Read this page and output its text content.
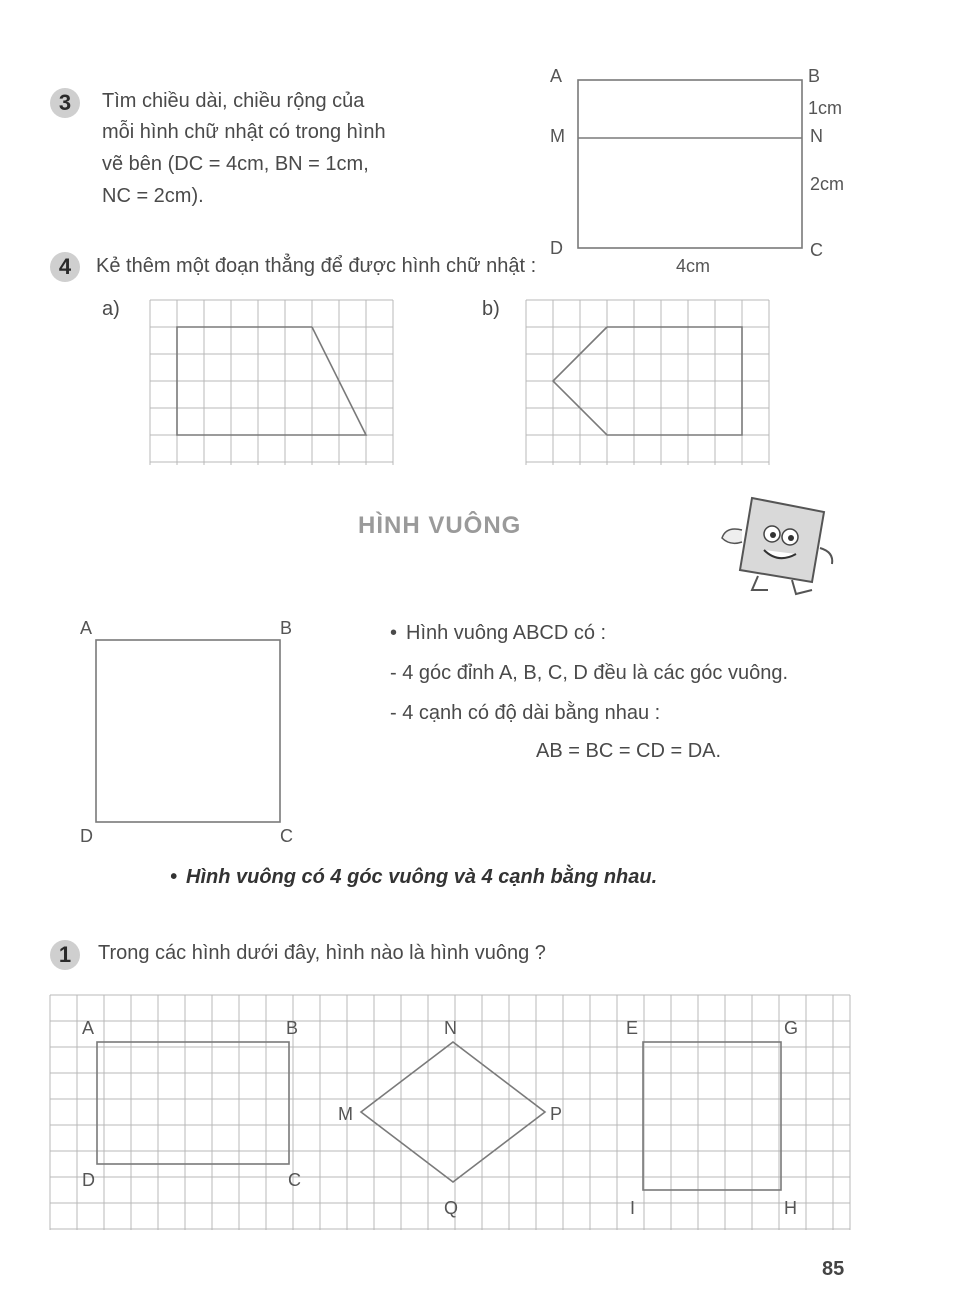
3	Tìm chiều dài, chiều rộng của
mỗi hình chữ nhật có trong hình
vẽ bên (DC = 4cm, BN = 1cm,
NC = 2cm).
A	B
M	N
D	C
1cm
2cm
4cm
4	Kẻ thêm một đoạn thẳng để được hình chữ nhật :
a)	b)
HÌNH VUÔNG
A	B
D	C
• Hình vuông ABCD có :
- 4 góc đỉnh A, B, C, D đều là các góc vuông.
- 4 cạnh có độ dài bằng nhau :
AB = BC = CD = DA.
• Hình vuông có 4 góc vuông và 4 cạnh bằng nhau.
1	Trong các hình dưới đây, hình nào là hình vuông ?
A	B
D	C
N
M	P
Q
E	G
I	H
85
